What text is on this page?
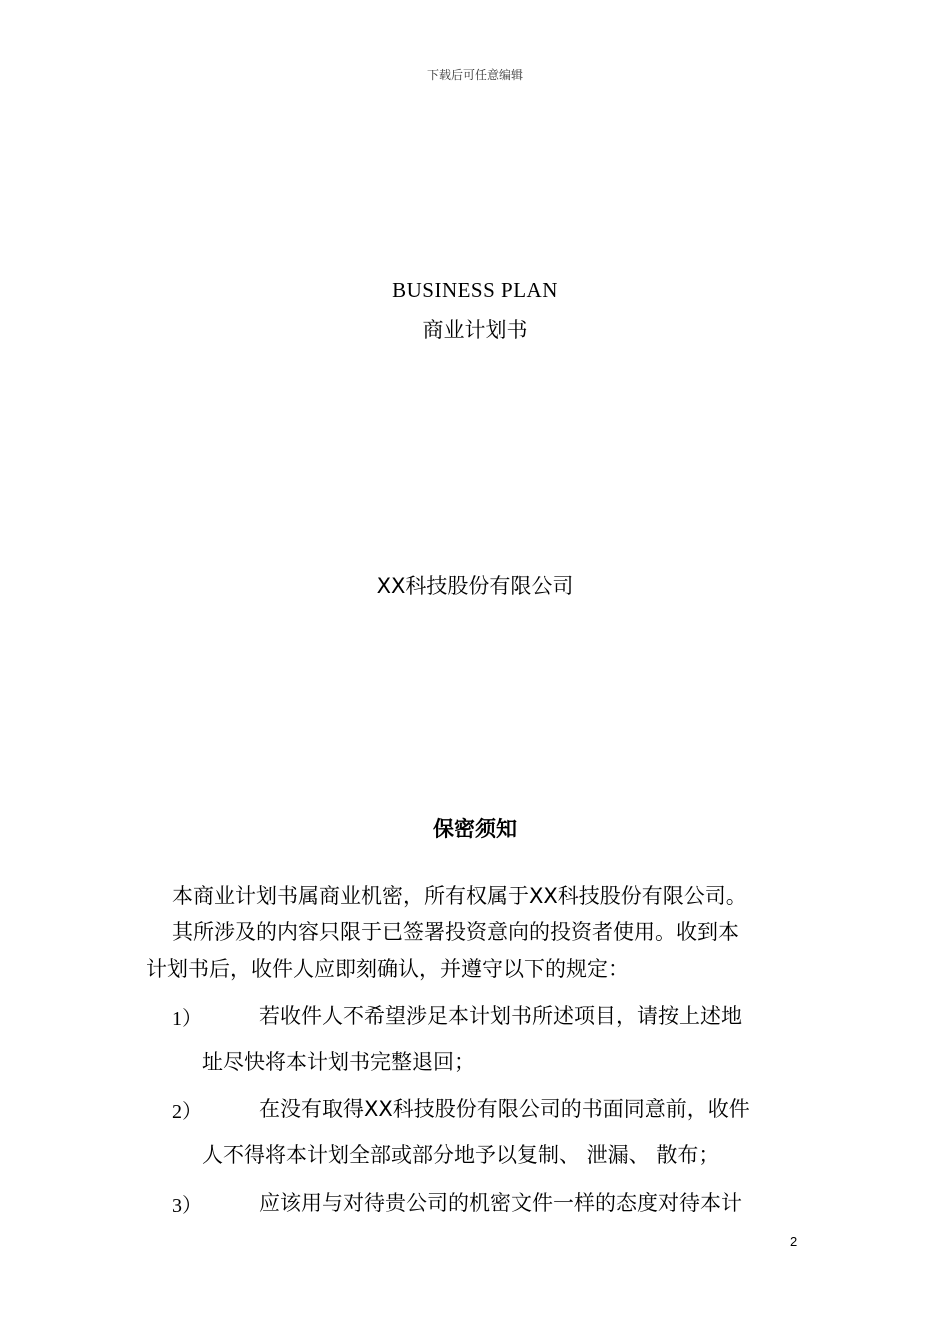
下载后可任意编辑
BUSINESS PLAN
商业计划书
XX科技股份有限公司
保密须知
本商业计划书属商业机密，所有权属于XX科技股份有限公司。
其所涉及的内容只限于已签署投资意向的投资者使用。收到本
计划书后，收件人应即刻确认，并遵守以下的规定：
1）	若收件人不希望涉足本计划书所述项目，请按上述地
址尽快将本计划书完整退回；
2）	在没有取得XX科技股份有限公司的书面同意前，收件
人不得将本计划全部或部分地予以复制、 泄漏、 散布；
3）	应该用与对待贵公司的机密文件一样的态度对待本计
2
